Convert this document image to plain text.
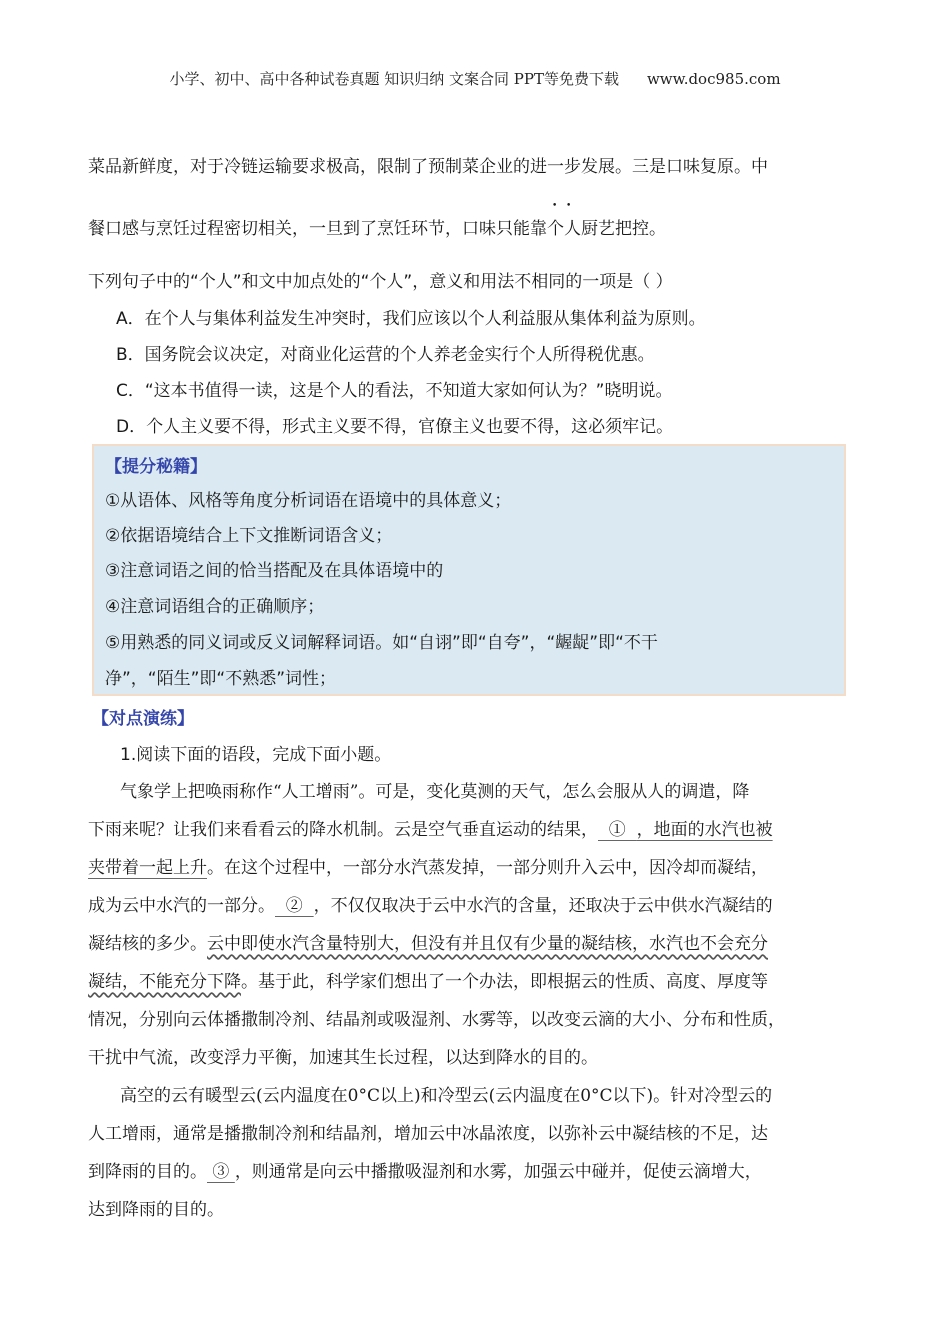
小学、初中、高中各种试卷真题 知识归纳 文案合同 PPT等免费下载 www.doc985.com
菜品新鲜度，对于冷链运输要求极高，限制了预制菜企业的进一步发展。三是口味复原。中
餐口感与烹饪过程密切相关，一旦到了烹饪环节，口味只能靠•  • 个人厨艺把控。
下列句子中的“个人”和文中加点处的“个人”，意义和用法不相同的一项是（ ）
A．在个人与集体利益发生冲突时，我们应该以个人利益服从集体利益为原则。
B．国务院会议决定，对商业化运营的个人养老金实行个人所得税优惠。
C．“这本书值得一读，这是个人的看法，不知道大家如何认为？”晓明说。
D．个人主义要不得，形式主义要不得，官僚主义也要不得，这必须牢记。
【提分秘籍】
①从语体、风格等角度分析词语在语境中的具体意义；
②依据语境结合上下文推断词语含义；
③注意词语之间的恰当搭配及在具体语境中的
④注意词语组合的正确顺序；
⑤用熟悉的同义词或反义词解释词语。如“自诩”即“自夸”，“龌龊”即“不干
净”，“陌生”即“不熟悉”词性；
【对点演练】
1.阅读下面的语段，完成下面小题。
气象学上把唤雨称作“人工增雨”。可是，变化莫测的天气，怎么会服从人的调遣，降
下雨来呢？让我们来看看云的降水机制。云是空气垂直运动的结果，  ①  ，地面的水汽也被
夹带着一起上升。在这个过程中，一部分水汽蒸发掉，一部分则升入云中，因冷却而凝结，
成为云中水汽的一部分。  ②  ，不仅仅取决于云中水汽的含量，还取决于云中供水汽凝结的
凝结核的多少。云中即使水汽含量特别大，但没有并且仅有少量的凝结核，水汽也不会充分
凝结，不能充分下降。基于此，科学家们想出了一个办法，即根据云的性质、高度、厚度等
情况，分别向云体播撒制冷剂、结晶剂或吸湿剂、水雾等，以改变云滴的大小、分布和性质，
干扰中气流，改变浮力平衡，加速其生长过程，以达到降水的目的。
高空的云有暖型云(云内温度在0°C以上)和冷型云(云内温度在0°C以下)。针对冷型云的
人工增雨，通常是播撒制冷剂和结晶剂，增加云中冰晶浓度，以弥补云中凝结核的不足，达
到降雨的目的。 ③ ，则通常是向云中播撒吸湿剂和水雾，加强云中碰并，促使云滴增大，
达到降雨的目的。
